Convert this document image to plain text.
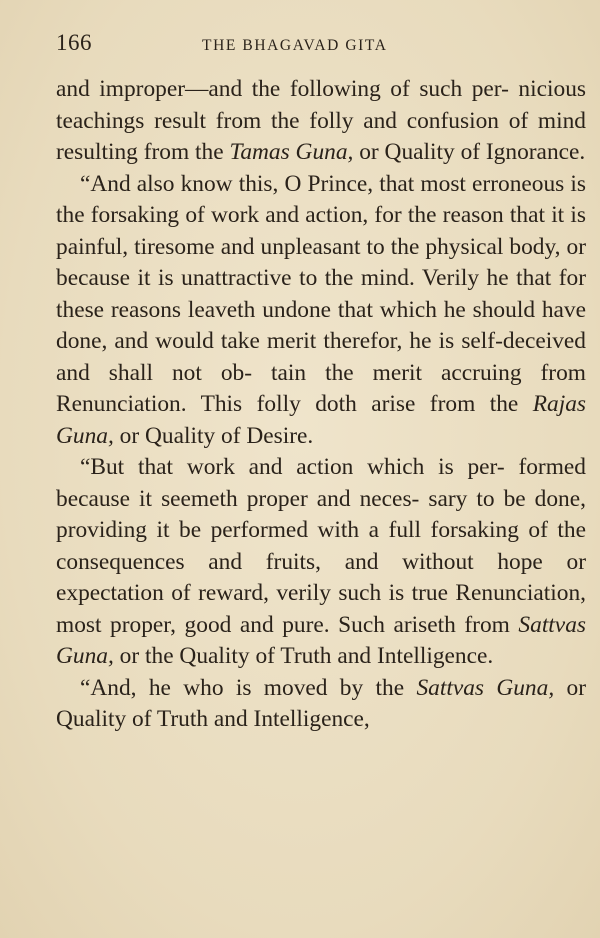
166	THE BHAGAVAD GITA

and improper—and the following of such per- nicious teachings result from the folly and confusion of mind resulting from the Tamas Guna, or Quality of Ignorance.

“And also know this, O Prince, that most erroneous is the forsaking of work and action, for the reason that it is painful, tiresome and unpleasant to the physical body, or because it is unattractive to the mind. Verily he that for these reasons leaveth undone that which he should have done, and would take merit therefor, he is self-deceived and shall not ob- tain the merit accruing from Renunciation. This folly doth arise from the Rajas Guna, or Quality of Desire.

“But that work and action which is per- formed because it seemeth proper and neces- sary to be done, providing it be performed with a full forsaking of the consequences and fruits, and without hope or expectation of reward, verily such is true Renunciation, most proper, good and pure. Such ariseth from Sattvas Guna, or the Quality of Truth and Intelligence.

“And, he who is moved by the Sattvas Guna, or Quality of Truth and Intelligence,
